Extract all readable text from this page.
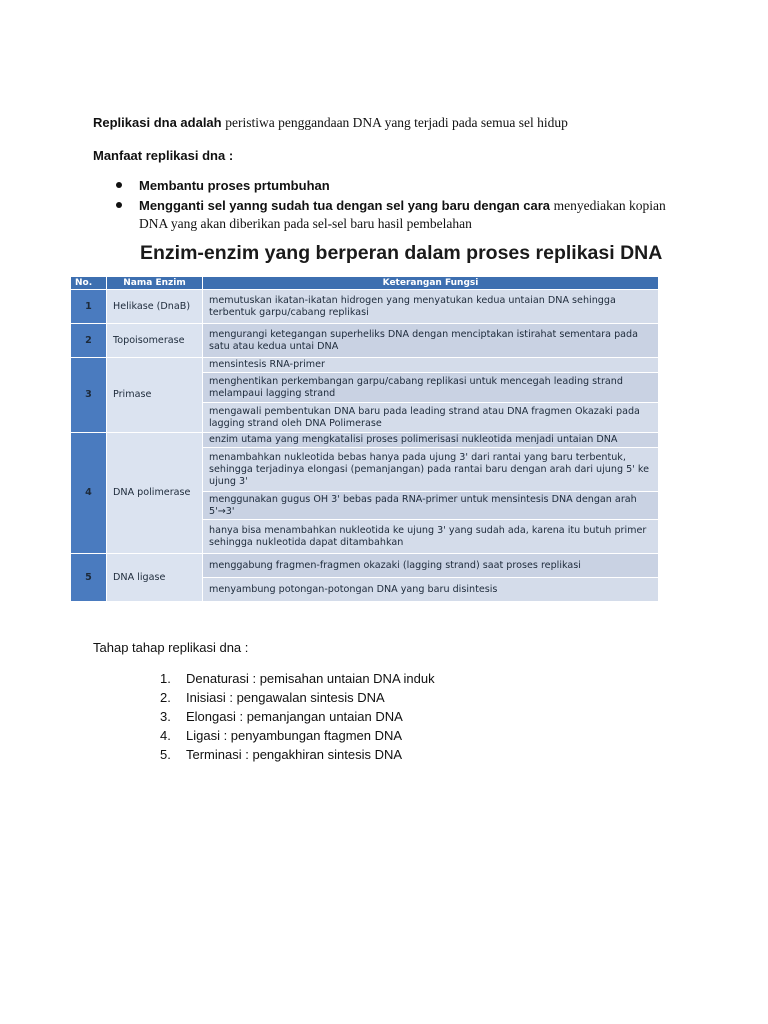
Replikasi dna adalah peristiwa penggandaan DNA yang terjadi pada semua sel hidup
Manfaat replikasi dna :
Membantu proses prtumbuhan
Mengganti sel yanng sudah tua dengan sel yang baru dengan cara menyediakan kopian DNA yang akan diberikan pada sel-sel baru hasil pembelahan
Enzim-enzim yang berperan dalam proses replikasi DNA
No.	Nama Enzim	Keterangan Fungsi
1	Helikase (DnaB)	memutuskan ikatan-ikatan hidrogen yang menyatukan kedua untaian DNA sehingga terbentuk garpu/cabang replikasi
2	Topoisomerase	mengurangi ketegangan superheliks DNA dengan menciptakan istirahat sementara pada satu atau kedua untai DNA
3	Primase	mensintesis RNA-primer
		menghentikan perkembangan garpu/cabang replikasi untuk mencegah leading strand melampaui lagging strand
		mengawali pembentukan DNA baru pada leading strand atau DNA fragmen Okazaki pada lagging strand oleh DNA Polimerase
4	DNA polimerase	enzim utama yang mengkatalisi proses polimerisasi nukleotida menjadi untaian DNA
		menambahkan nukleotida bebas hanya pada ujung 3' dari rantai yang baru terbentuk, sehingga terjadinya elongasi (pemanjangan) pada rantai baru dengan arah dari ujung 5' ke ujung 3'
		menggunakan gugus OH 3' bebas pada RNA-primer untuk mensintesis DNA dengan arah 5'→3'
		hanya bisa menambahkan nukleotida ke ujung 3' yang sudah ada, karena itu butuh primer sehingga nukleotida dapat ditambahkan
5	DNA ligase	menggabung fragmen-fragmen okazaki (lagging strand) saat proses replikasi
		menyambung potongan-potongan DNA yang baru disintesis
Tahap tahap replikasi dna :
1. Denaturasi : pemisahan untaian DNA induk
2. Inisiasi : pengawalan sintesis DNA
3. Elongasi : pemanjangan untaian DNA
4. Ligasi : penyambungan ftagmen DNA
5. Terminasi : pengakhiran sintesis DNA
